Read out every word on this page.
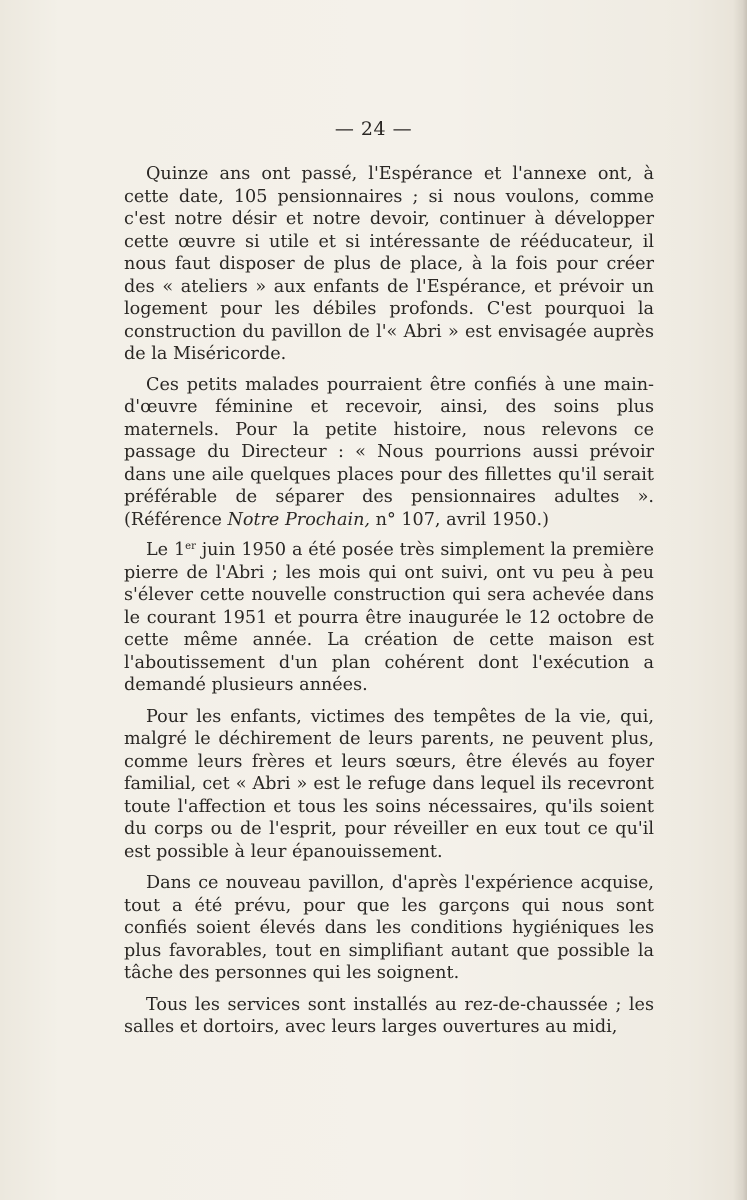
— 24 —

Quinze ans ont passé, l'Espérance et l'annexe ont, à cette date, 105 pensionnaires ; si nous voulons, comme c'est notre désir et notre devoir, continuer à développer cette œuvre si utile et si intéressante de rééducateur, il nous faut disposer de plus de place, à la fois pour créer des « ateliers » aux enfants de l'Espérance, et prévoir un logement pour les débiles profonds. C'est pourquoi la construction du pavillon de l'« Abri » est envisagée auprès de la Miséricorde.

Ces petits malades pourraient être confiés à une main-d'œuvre féminine et recevoir, ainsi, des soins plus maternels. Pour la petite histoire, nous relevons ce passage du Directeur : « Nous pourrions aussi prévoir dans une aile quelques places pour des fillettes qu'il serait préférable de séparer des pensionnaires adultes ». (Référence Notre Prochain, n° 107, avril 1950.)

Le 1er juin 1950 a été posée très simplement la première pierre de l'Abri ; les mois qui ont suivi, ont vu peu à peu s'élever cette nouvelle construction qui sera achevée dans le courant 1951 et pourra être inaugurée le 12 octobre de cette même année. La création de cette maison est l'aboutissement d'un plan cohérent dont l'exécution a demandé plusieurs années.

Pour les enfants, victimes des tempêtes de la vie, qui, malgré le déchirement de leurs parents, ne peuvent plus, comme leurs frères et leurs sœurs, être élevés au foyer familial, cet « Abri » est le refuge dans lequel ils recevront toute l'affection et tous les soins nécessaires, qu'ils soient du corps ou de l'esprit, pour réveiller en eux tout ce qu'il est possible à leur épanouissement.

Dans ce nouveau pavillon, d'après l'expérience acquise, tout a été prévu, pour que les garçons qui nous sont confiés soient élevés dans les conditions hygiéniques les plus favorables, tout en simplifiant autant que possible la tâche des personnes qui les soignent.

Tous les services sont installés au rez-de-chaussée ; les salles et dortoirs, avec leurs larges ouvertures au midi,
